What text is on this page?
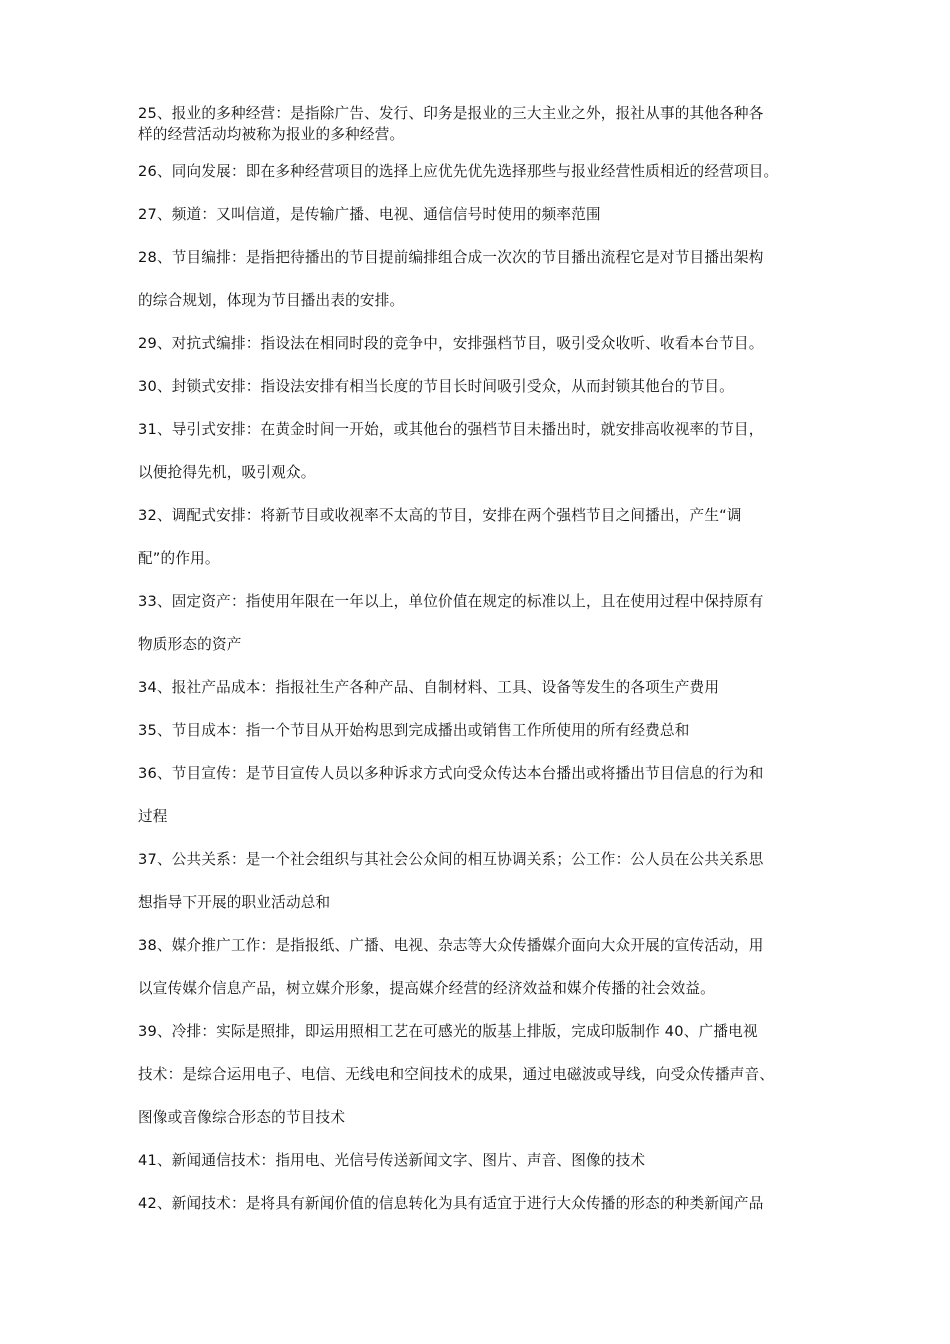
25、报业的多种经营：是指除广告、发行、印务是报业的三大主业之外，报社从事的其他各种各
样的经营活动均被称为报业的多种经营。
26、同向发展：即在多种经营项目的选择上应优先优先选择那些与报业经营性质相近的经营项目。
27、频道：又叫信道，是传输广播、电视、通信信号时使用的频率范围
28、节目编排：是指把待播出的节目提前编排组合成一次次的节目播出流程它是对节目播出架构
的综合规划，体现为节目播出表的安排。
29、对抗式编排：指设法在相同时段的竞争中，安排强档节目，吸引受众收听、收看本台节目。
30、封锁式安排：指设法安排有相当长度的节目长时间吸引受众，从而封锁其他台的节目。
31、导引式安排：在黄金时间一开始，或其他台的强档节目未播出时，就安排高收视率的节目，
以便抢得先机，吸引观众。
32、调配式安排：将新节目或收视率不太高的节目，安排在两个强档节目之间播出，产生“调
配”的作用。
33、固定资产：指使用年限在一年以上，单位价值在规定的标准以上，且在使用过程中保持原有
物质形态的资产
34、报社产品成本：指报社生产各种产品、自制材料、工具、设备等发生的各项生产费用
35、节目成本：指一个节目从开始构思到完成播出或销售工作所使用的所有经费总和
36、节目宣传：是节目宣传人员以多种诉求方式向受众传达本台播出或将播出节目信息的行为和
过程
37、公共关系：是一个社会组织与其社会公众间的相互协调关系；公工作：公人员在公共关系思
想指导下开展的职业活动总和
38、媒介推广工作：是指报纸、广播、电视、杂志等大众传播媒介面向大众开展的宣传活动，用
以宣传媒介信息产品，树立媒介形象，提高媒介经营的经济效益和媒介传播的社会效益。
39、冷排：实际是照排，即运用照相工艺在可感光的版基上排版，完成印版制作 40、广播电视
技术：是综合运用电子、电信、无线电和空间技术的成果，通过电磁波或导线，向受众传播声音、
图像或音像综合形态的节目技术
41、新闻通信技术：指用电、光信号传送新闻文字、图片、声音、图像的技术
42、新闻技术：是将具有新闻价值的信息转化为具有适宜于进行大众传播的形态的种类新闻产品
